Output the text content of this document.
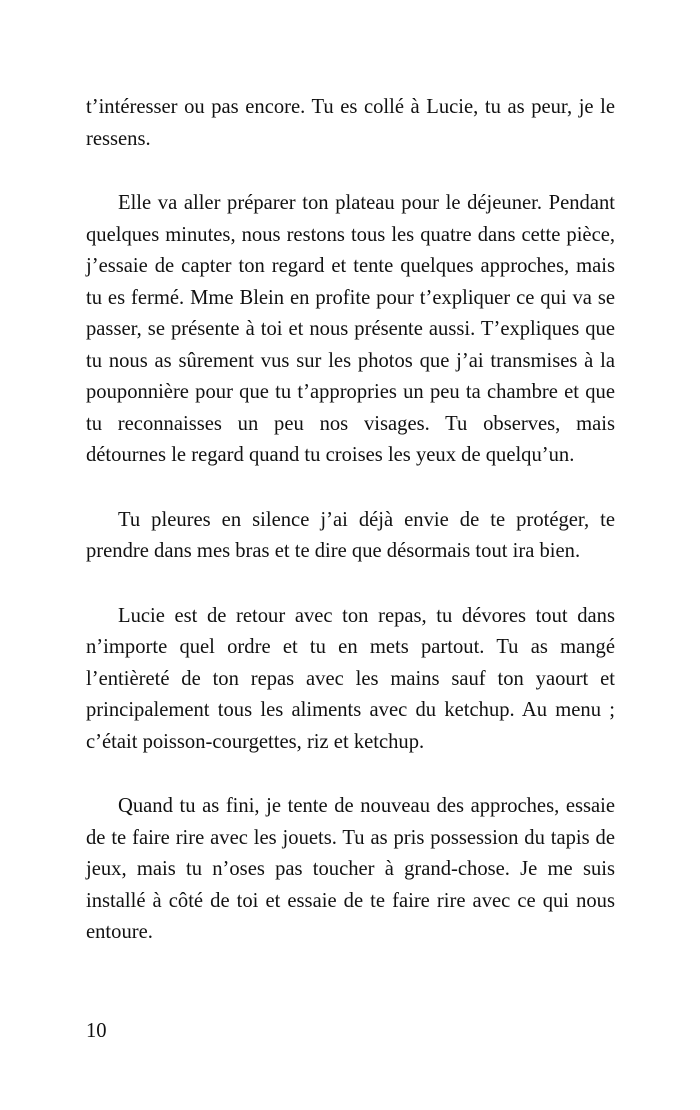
t’intéresser ou pas encore. Tu es collé à Lucie, tu as peur, je le ressens.

Elle va aller préparer ton plateau pour le déjeuner. Pendant quelques minutes, nous restons tous les quatre dans cette pièce, j’essaie de capter ton regard et tente quelques approches, mais tu es fermé. Mme Blein en profite pour t’expliquer ce qui va se passer, se présente à toi et nous présente aussi. T’expliques que tu nous as sûrement vus sur les photos que j’ai transmises à la pouponnière pour que tu t’appropries un peu ta chambre et que tu reconnaisses un peu nos visages. Tu observes, mais détournes le regard quand tu croises les yeux de quelqu’un.

Tu pleures en silence j’ai déjà envie de te protéger, te prendre dans mes bras et te dire que désormais tout ira bien.

Lucie est de retour avec ton repas, tu dévores tout dans n’importe quel ordre et tu en mets partout. Tu as mangé l’entièreté de ton repas avec les mains sauf ton yaourt et principalement tous les aliments avec du ketchup. Au menu ; c’était poisson-courgettes, riz et ketchup.

Quand tu as fini, je tente de nouveau des approches, essaie de te faire rire avec les jouets. Tu as pris possession du tapis de jeux, mais tu n’oses pas toucher à grand-chose. Je me suis installé à côté de toi et essaie de te faire rire avec ce qui nous entoure.

10
